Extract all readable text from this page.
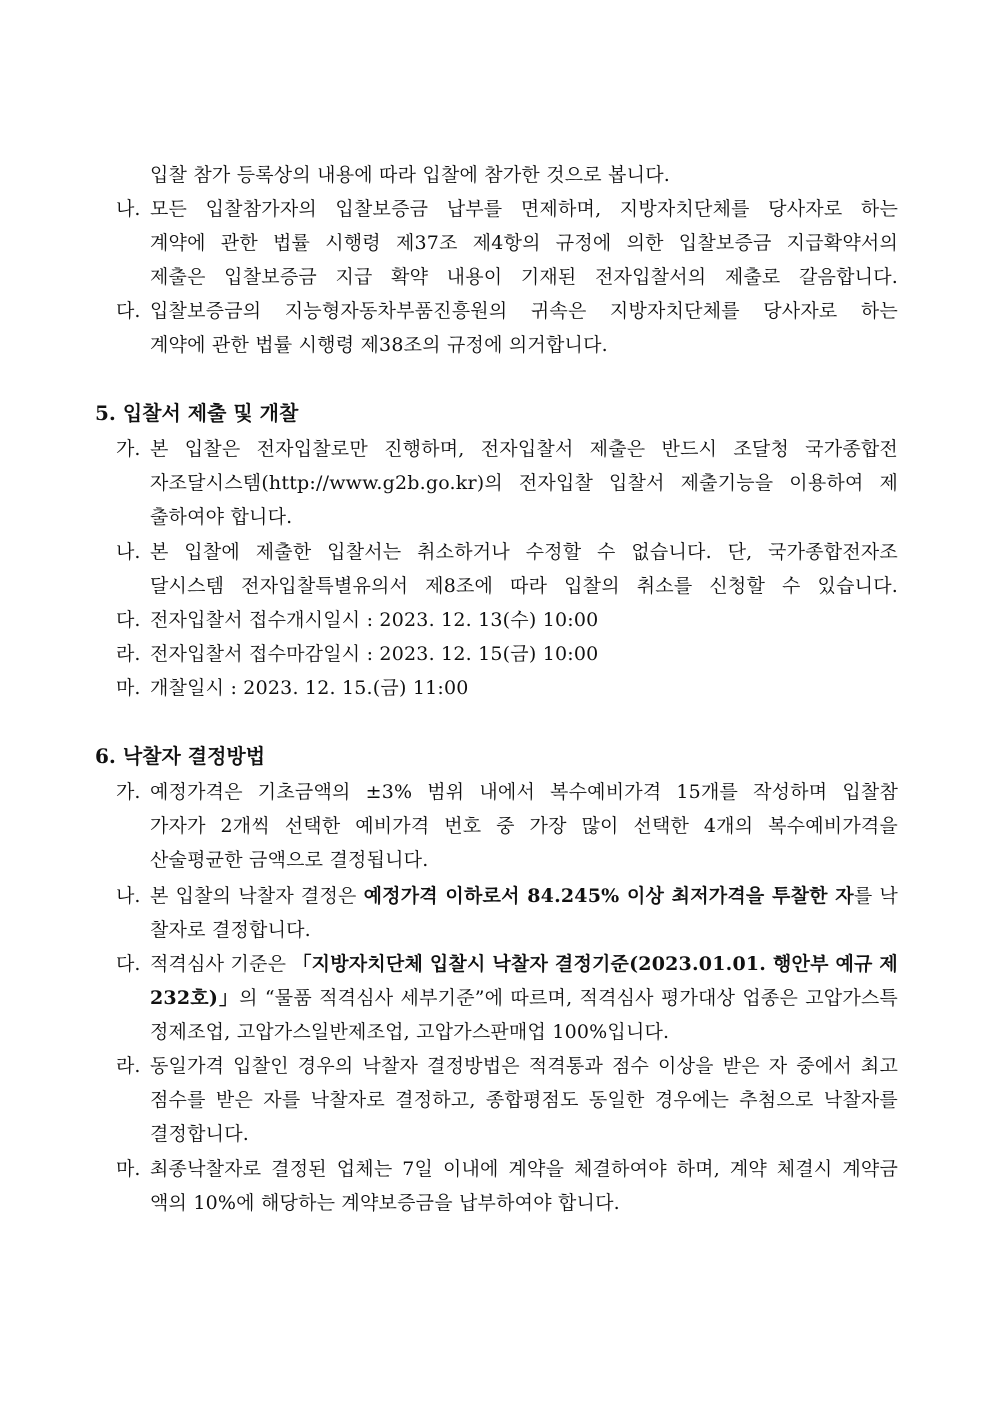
입찰 참가 등록상의 내용에 따라 입찰에 참가한 것으로 봅니다.
나. 모든 입찰참가자의 입찰보증금 납부를 면제하며, 지방자치단체를 당사자로 하는
계약에 관한 법률 시행령 제37조 제4항의 규정에 의한 입찰보증금 지급확약서의
제출은 입찰보증금 지급 확약 내용이 기재된 전자입찰서의 제출로 갈음합니다.
다. 입찰보증금의 지능형자동차부품진흥원의 귀속은 지방자치단체를 당사자로 하는
계약에 관한 법률 시행령 제38조의 규정에 의거합니다.
5. 입찰서 제출 및 개찰
가. 본 입찰은 전자입찰로만 진행하며, 전자입찰서 제출은 반드시 조달청 국가종합전
자조달시스템(http://www.g2b.go.kr)의 전자입찰 입찰서 제출기능을 이용하여 제
출하여야 합니다.
나. 본 입찰에 제출한 입찰서는 취소하거나 수정할 수 없습니다. 단, 국가종합전자조
달시스템 전자입찰특별유의서 제8조에 따라 입찰의 취소를 신청할 수 있습니다.
다. 전자입찰서 접수개시일시 : 2023. 12. 13(수) 10:00
라. 전자입찰서 접수마감일시 : 2023. 12. 15(금) 10:00
마. 개찰일시 : 2023. 12. 15.(금) 11:00
6. 낙찰자 결정방법
가. 예정가격은 기초금액의 ±3% 범위 내에서 복수예비가격 15개를 작성하며 입찰참
가자가 2개씩 선택한 예비가격 번호 중 가장 많이 선택한 4개의 복수예비가격을
산술평균한 금액으로 결정됩니다.
나. 본 입찰의 낙찰자 결정은 예정가격 이하로서 84.245% 이상 최저가격을 투찰한 자를 낙
찰자로 결정합니다.
다. 적격심사 기준은 「지방자치단체 입찰시 낙찰자 결정기준(2023.01.01. 행안부 예규 제
232호)」의 “물품 적격심사 세부기준”에 따르며, 적격심사 평가대상 업종은 고압가스특
정제조업, 고압가스일반제조업, 고압가스판매업 100%입니다.
라. 동일가격 입찰인 경우의 낙찰자 결정방법은 적격통과 점수 이상을 받은 자 중에서 최고
점수를 받은 자를 낙찰자로 결정하고, 종합평점도 동일한 경우에는 추첨으로 낙찰자를
결정합니다.
마. 최종낙찰자로 결정된 업체는 7일 이내에 계약을 체결하여야 하며, 계약 체결시 계약금
액의 10%에 해당하는 계약보증금을 납부하여야 합니다.
